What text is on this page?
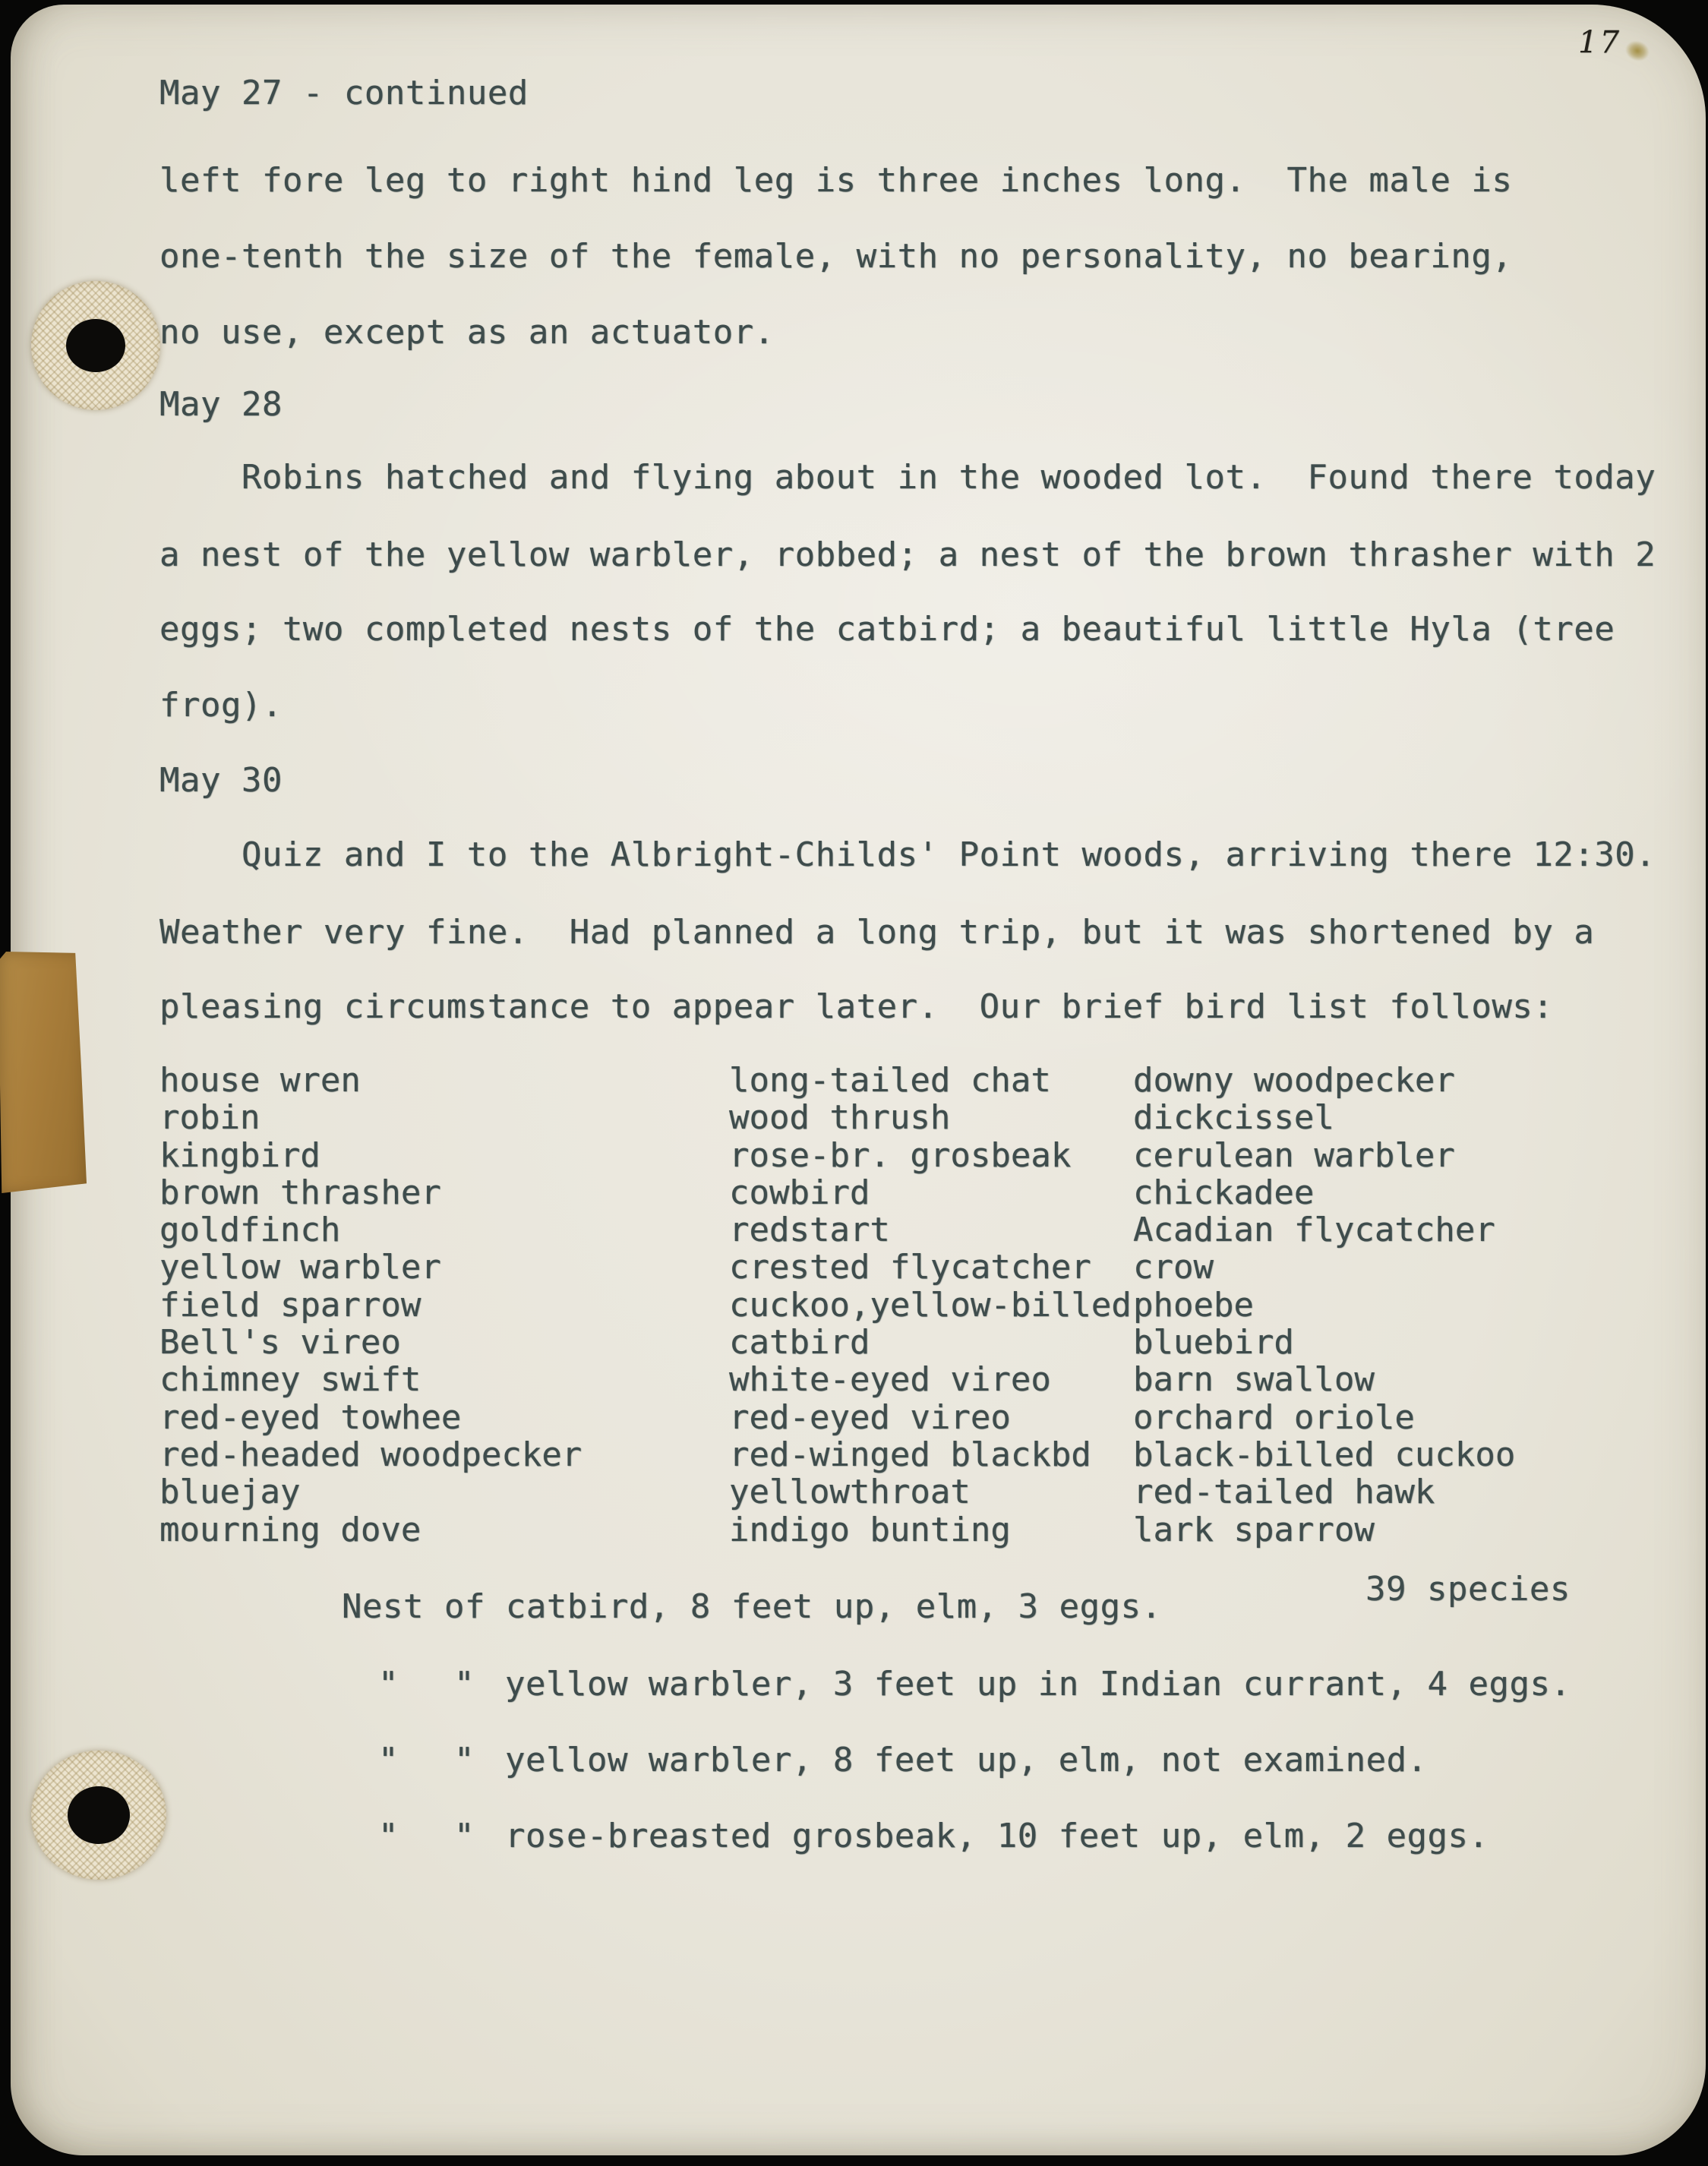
17
May 27 - continued
left fore leg to right hind leg is three inches long.  The male is
one-tenth the size of the female, with no personality, no bearing,
no use, except as an actuator.
May 28
Robins hatched and flying about in the wooded lot.  Found there today
a nest of the yellow warbler, robbed; a nest of the brown thrasher with 2
eggs; two completed nests of the catbird; a beautiful little Hyla (tree
frog).
May 30
Quiz and I to the Albright-Childs' Point woods, arriving there 12:30.
Weather very fine.  Had planned a long trip, but it was shortened by a
pleasing circumstance to appear later.  Our brief bird list follows:
house wren
robin
kingbird
brown thrasher
goldfinch
yellow warbler
field sparrow
Bell's vireo
chimney swift
red-eyed towhee
red-headed woodpecker
bluejay
mourning dove
long-tailed chat
wood thrush
rose-br. grosbeak
cowbird
redstart
crested flycatcher
cuckoo,yellow-billed
catbird
white-eyed vireo
red-eyed vireo
red-winged blackbd
yellowthroat
indigo bunting
downy woodpecker
dickcissel
cerulean warbler
chickadee
Acadian flycatcher
crow
phoebe
bluebird
barn swallow
orchard oriole
black-billed cuckoo
red-tailed hawk
lark sparrow
39 species
Nest of catbird, 8 feet up, elm, 3 eggs.

"

"

yellow warbler, 3 feet up in Indian currant, 4 eggs.

"

"

yellow warbler, 8 feet up, elm, not examined.

"

"

rose-breasted grosbeak, 10 feet up, elm, 2 eggs.
